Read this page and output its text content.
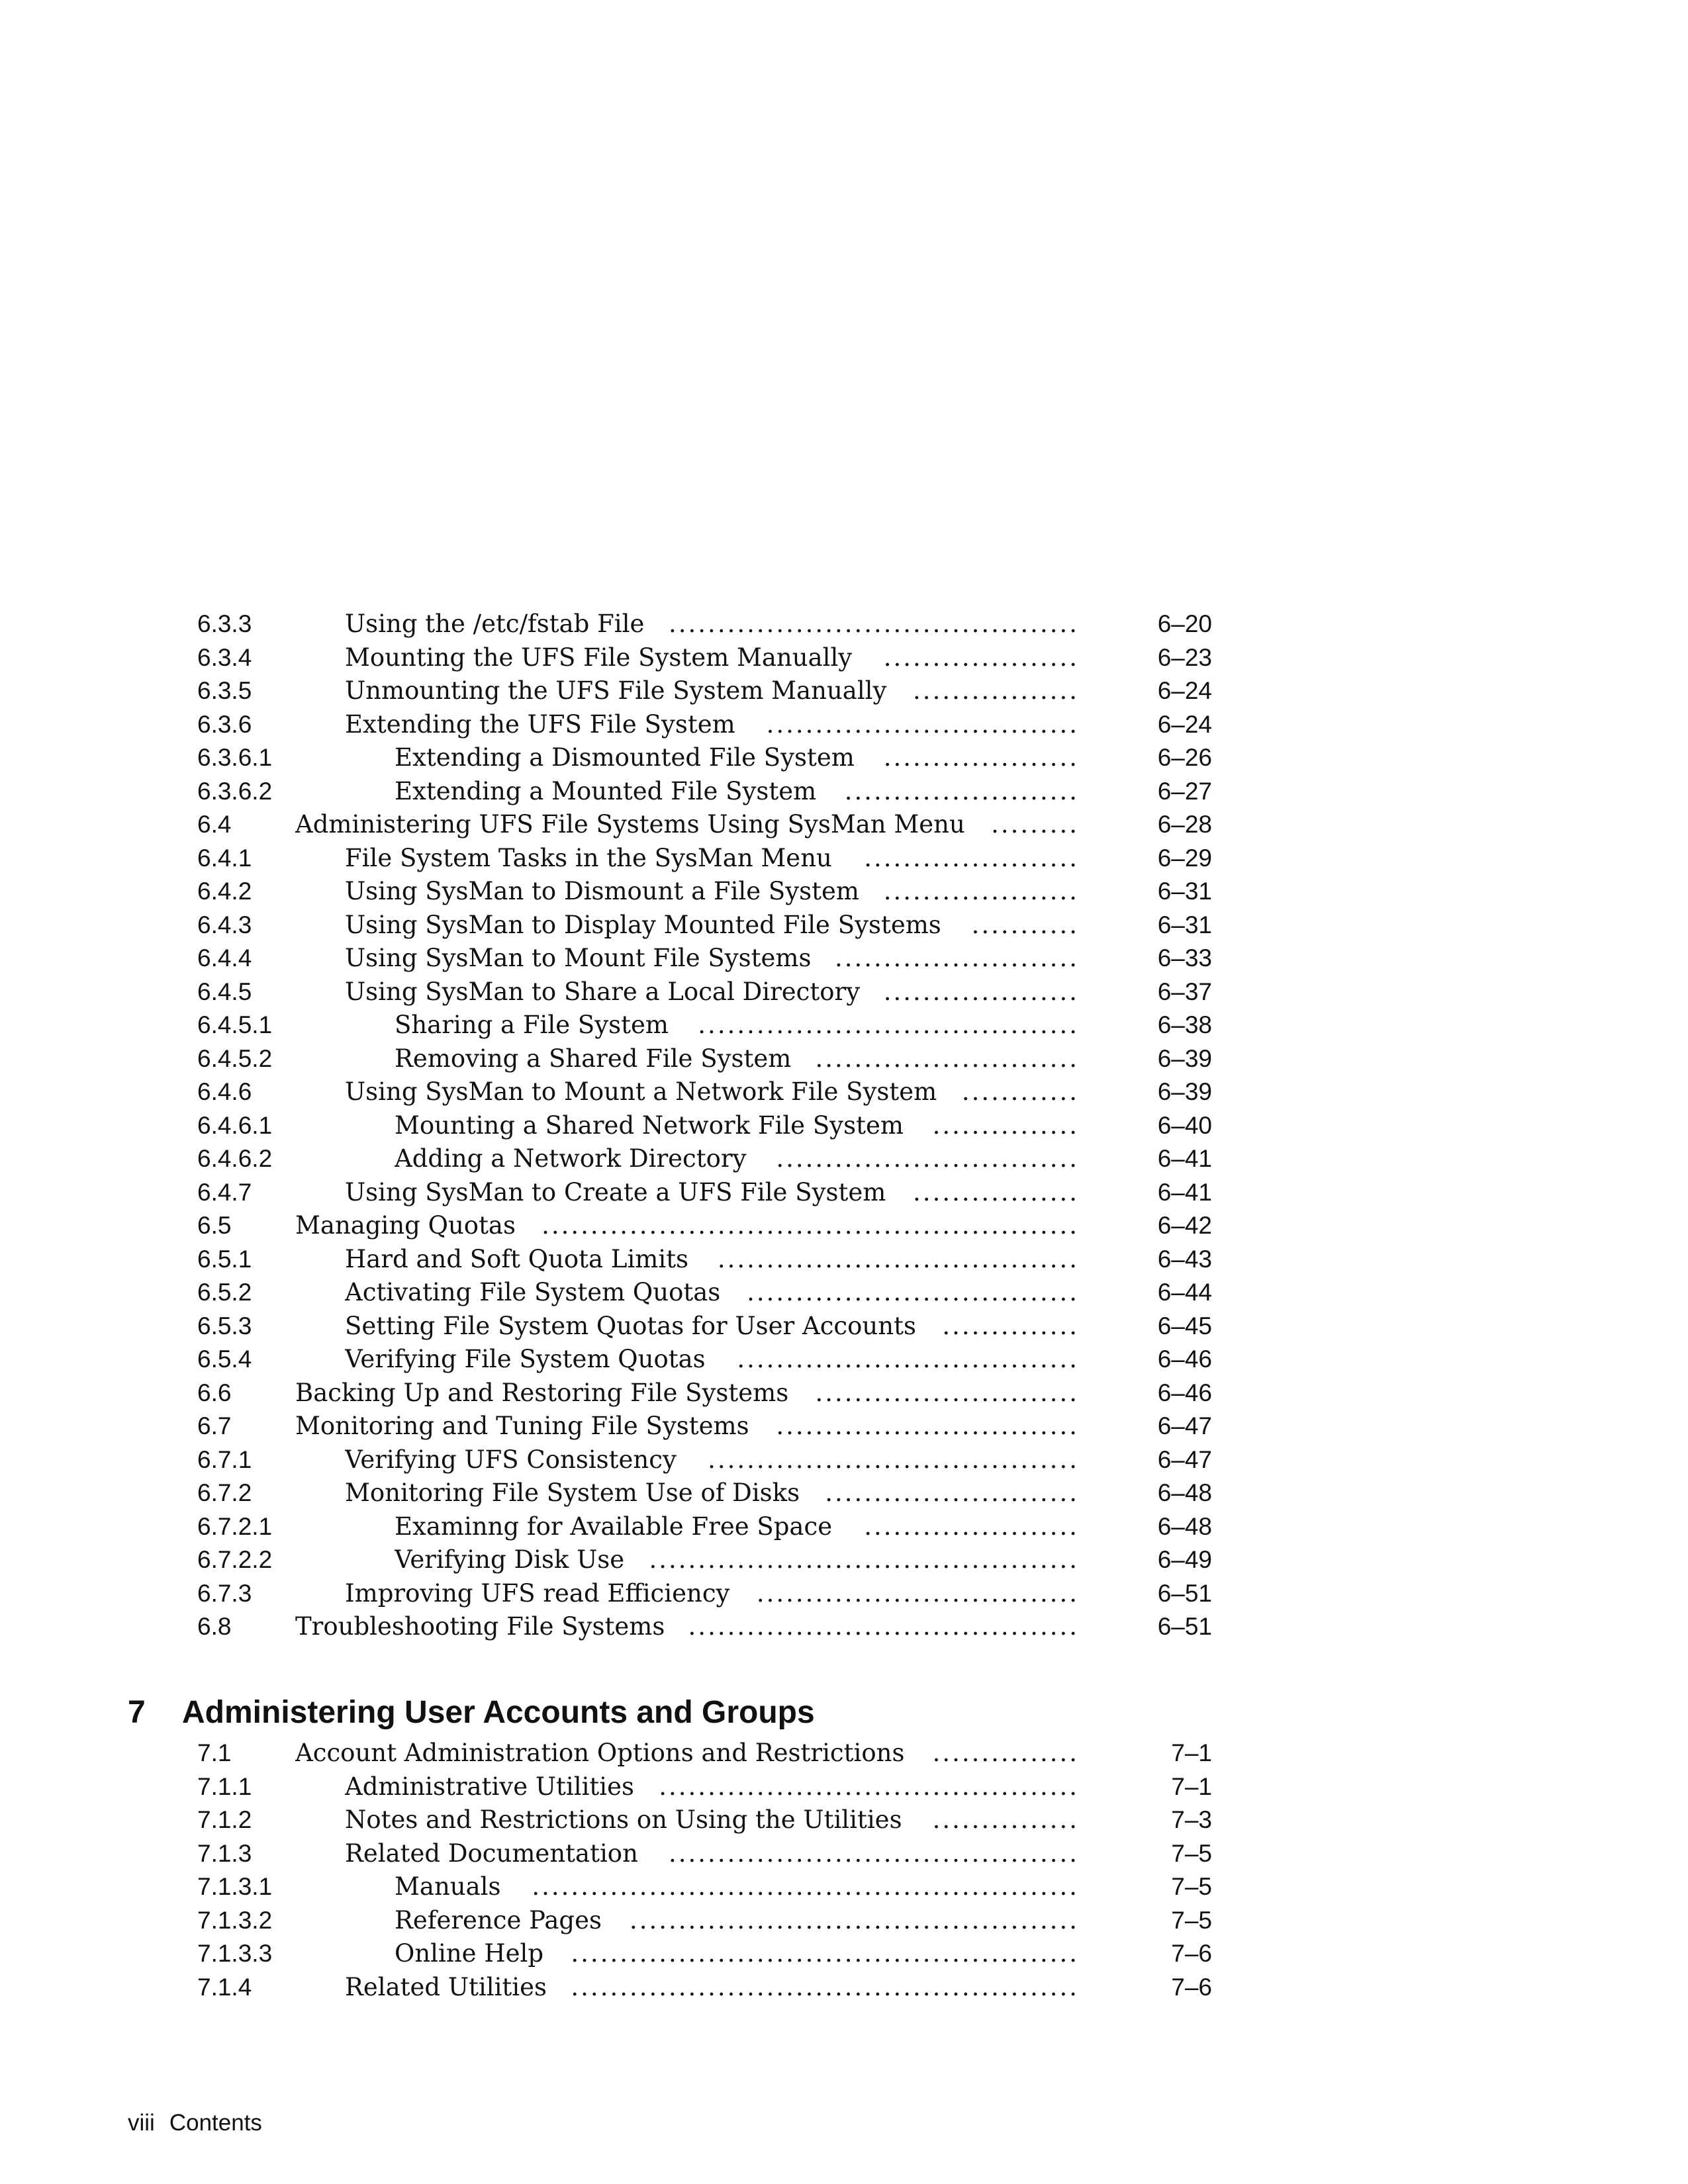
6.3.3	Using the /etc/fstab File ..........................................	6–20
6.3.4	Mounting the UFS File System Manually	....................	6–23
6.3.5	Unmounting the UFS File System Manually	.................	6–24
6.3.6	Extending the UFS File System	................................	6–24
6.3.6.1	Extending a Dismounted File System	....................	6–26
6.3.6.2	Extending a Mounted File System	........................	6–27
6.4	Administering UFS File Systems Using SysMan Menu	.........	6–28
6.4.1	File System Tasks in the SysMan Menu	......................	6–29
6.4.2	Using SysMan to Dismount a File System ....................	6–31
6.4.3	Using SysMan to Display Mounted File Systems	...........	6–31
6.4.4	Using SysMan to Mount File Systems .........................	6–33
6.4.5	Using SysMan to Share a Local Directory ....................	6–37
6.4.5.1	Sharing a File System	.......................................	6–38
6.4.5.2	Removing a Shared File System ...........................	6–39
6.4.6	Using SysMan to Mount a Network File System	............	6–39
6.4.6.1	Mounting a Shared Network File System	...............	6–40
6.4.6.2	Adding a Network Directory	...............................	6–41
6.4.7	Using SysMan to Create a UFS File System	.................	6–41
6.5	Managing Quotas	.......................................................	6–42
6.5.1	Hard and Soft Quota Limits	.....................................	6–43
6.5.2	Activating File System Quotas	..................................	6–44
6.5.3	Setting File System Quotas for User Accounts	..............	6–45
6.5.4	Verifying File System Quotas	...................................	6–46
6.6	Backing Up and Restoring File Systems	...........................	6–46
6.7	Monitoring and Tuning File Systems	...............................	6–47
6.7.1	Verifying UFS Consistency	......................................	6–47
6.7.2	Monitoring File System Use of Disks	..........................	6–48
6.7.2.1	Examinng for Available Free Space	......................	6–48
6.7.2.2	Verifying Disk Use	............................................	6–49
6.7.3	Improving UFS read Efficiency	.................................	6–51
6.8	Troubleshooting File Systems ........................................	6–51
7 Administering User Accounts and Groups
7.1	Account Administration Options and Restrictions	...............	7–1
7.1.1	Administrative Utilities	...........................................	7–1
7.1.2	Notes and Restrictions on Using the Utilities	...............	7–3
7.1.3	Related Documentation	..........................................	7–5
7.1.3.1	Manuals	........................................................	7–5
7.1.3.2	Reference Pages	..............................................	7–5
7.1.3.3	Online Help	....................................................	7–6
7.1.4	Related Utilities ....................................................	7–6
viii Contents
